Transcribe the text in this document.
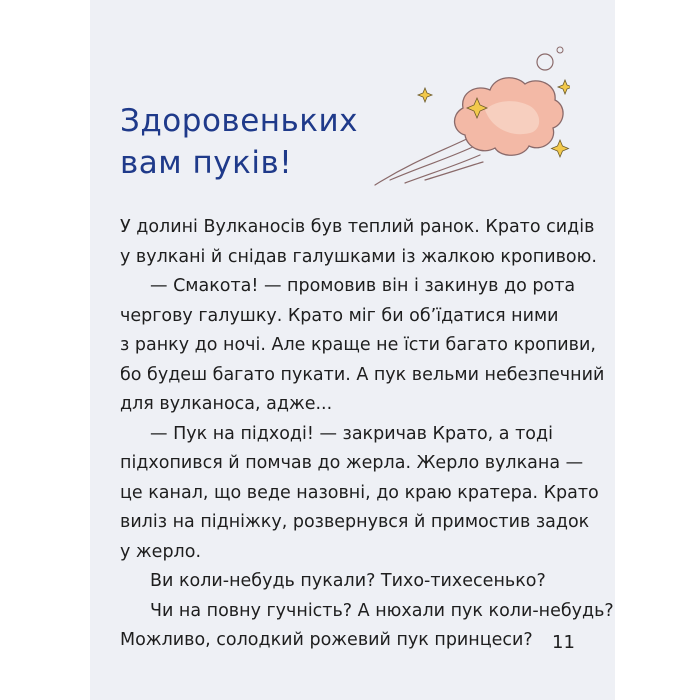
Здоровеньких
вам пуків!

У долині Вулканосів був теплий ранок. Крато сидів

у вулкані й снідав галушками із жалкою кропивою.

— Смакота! — промовив він і закинув до рота

чергову галушку. Крато міг би об’їдатися ними

з ранку до ночі. Але краще не їсти багато кропиви,

бо будеш багато пукати. А пук вельми небезпечний

для вулканоса, адже...

— Пук на підході! — закричав Крато, а тоді

підхопився й помчав до жерла. Жерло вулкана —

це канал, що веде назовні, до краю кратера. Крато

виліз на підніжку, розвернувся й примостив задок

у жерло.

Ви коли-небудь пукали? Тихо-тихесенько?

Чи на повну гучність? А нюхали пук коли-небудь?

Можливо, солодкий рожевий пук принцеси?	11
